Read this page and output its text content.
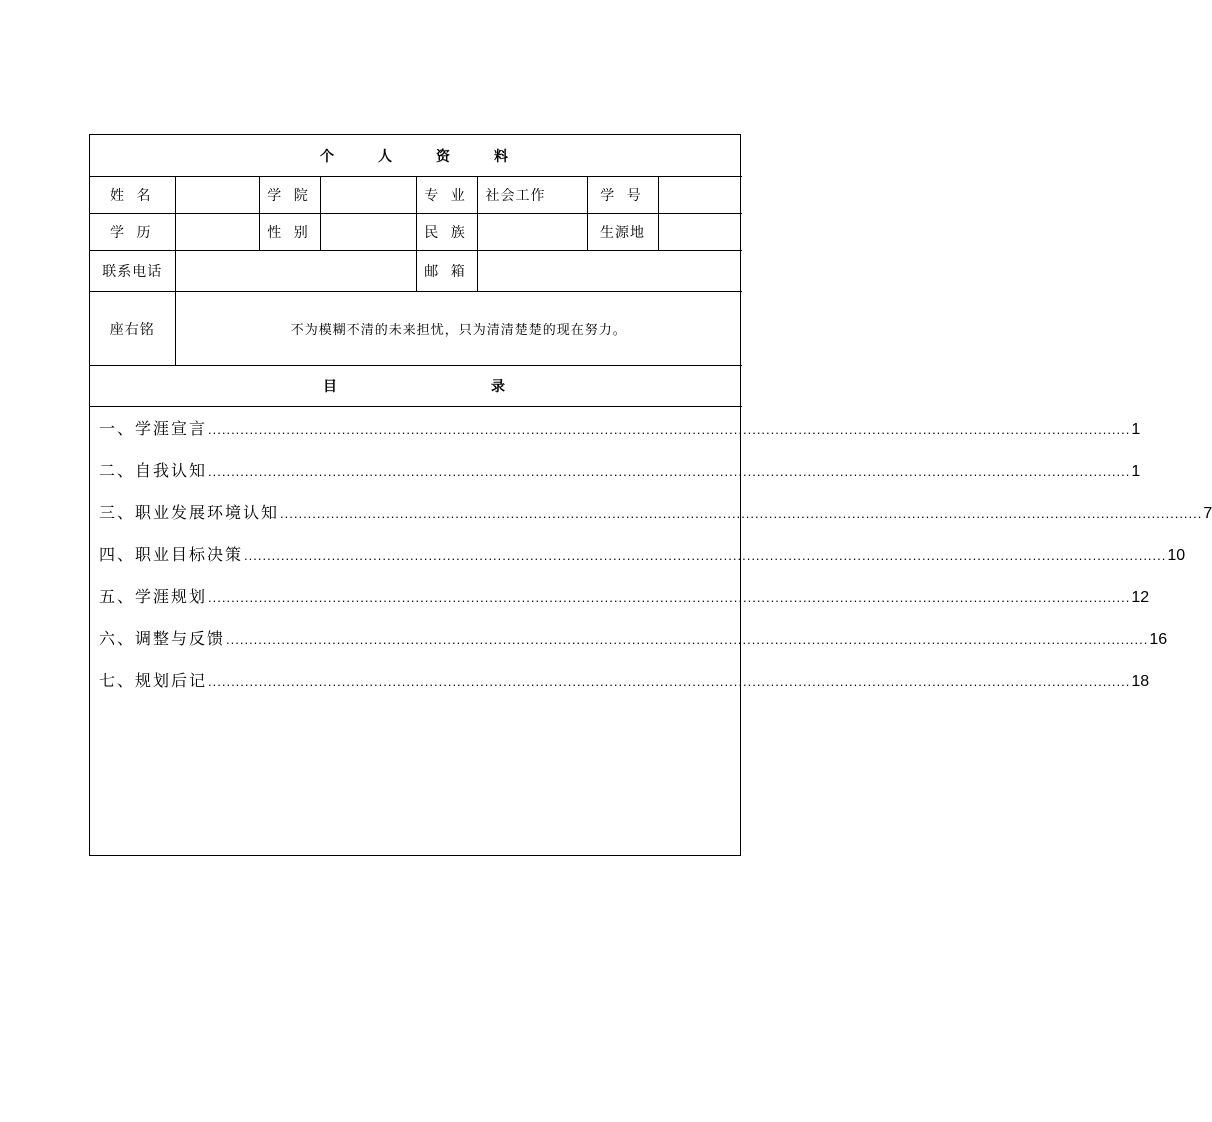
个 人 资 料							
姓 名		学 院		专 业	社会工作	学 号	
学 历		性 别		民 族		生源地	
联系电话				邮 箱			
座右铭	不为模糊不清的未来担忧，只为清清楚楚的现在努力。						
目 录							
一、学涯宣言 ........................................................................................................................................................................................................ 1
二、自我认知 ........................................................................................................................................................................................................ 1
三、职业发展环境认知 ........................................................................................................................................................................................................ 7
四、职业目标决策 ........................................................................................................................................................................................................ 10
五、学涯规划 ........................................................................................................................................................................................................ 12
六、调整与反馈 ........................................................................................................................................................................................................ 16
七、规划后记 ........................................................................................................................................................................................................ 18
